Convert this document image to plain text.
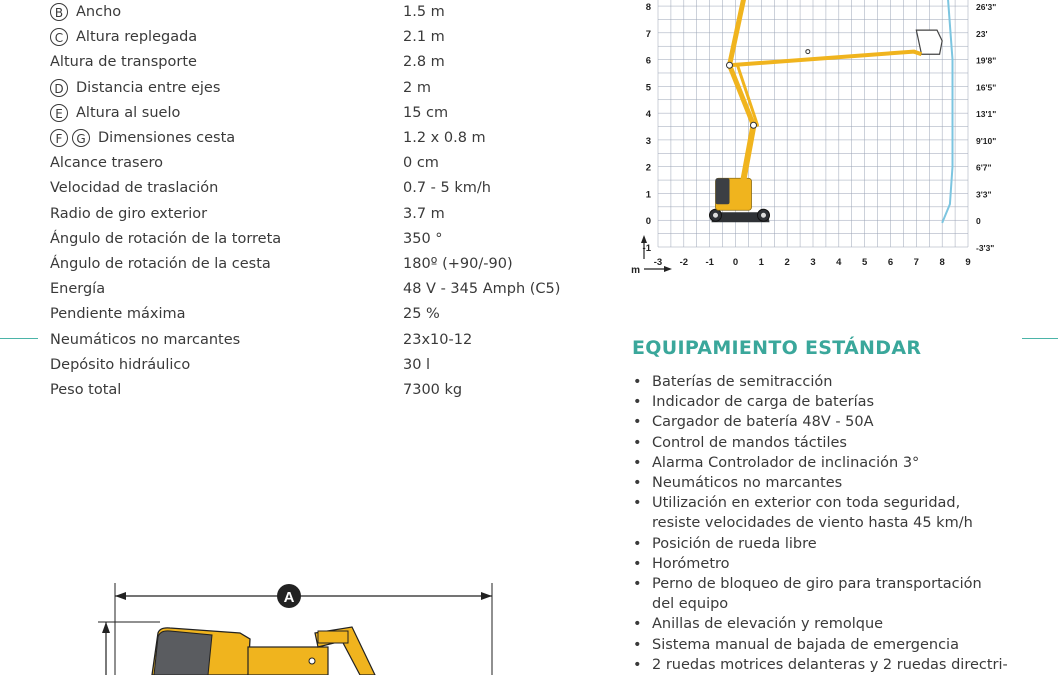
B Ancho	1.5 m
C Altura replegada	2.1 m
Altura de transporte	2.8 m
D Distancia entre ejes	2 m
E Altura al suelo	15 cm
F	G Dimensiones cesta	1.2 x 0.8 m
Alcance trasero	0 cm
Velocidad de traslación	0.7 - 5 km/h
Radio de giro exterior	3.7 m
Ángulo de rotación de la torreta	350 °
Ángulo de rotación de la cesta	180º (+90/-90)
Energía	48 V - 345 Amph (C5)
Pendiente máxima	25 %
Neumáticos no marcantes	23x10-12
Depósito hidráulico	30 l
Peso total	7300 kg
m
-3 -2 -1 0 1 2 3 4 5 6 7 8 9
-1	-3'3"
0	0
1	3'3"
2	6'7"
3	9'10"
4	13'1"
5	16'5"
6	19'8"
7	23'
8	26'3"
EQUIPAMIENTO ESTÁNDAR
• Baterías de semitracción
• Indicador de carga de baterías
• Cargador de batería 48V - 50A
• Control de mandos táctiles
• Alarma Controlador de inclinación 3°
• Neumáticos no marcantes
• Utilización en exterior con toda seguridad,
resiste velocidades de viento hasta 45 km/h
• Posición de rueda libre
• Horómetro
• Perno de bloqueo de giro para transportación
del equipo
• Anillas de elevación y remolque
• Sistema manual de bajada de emergencia
• 2 ruedas motrices delanteras y 2 ruedas directri-
A
